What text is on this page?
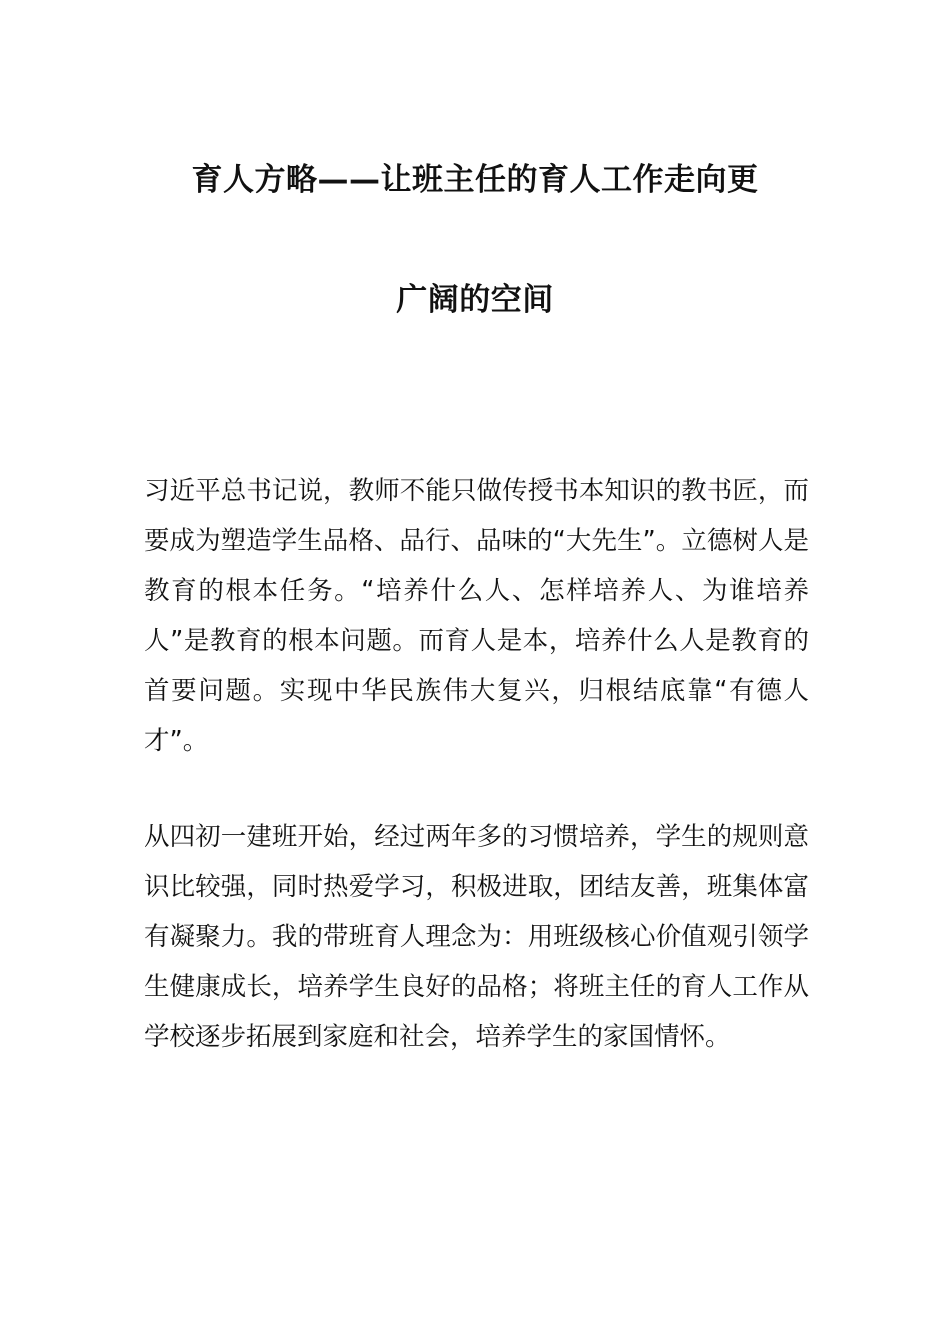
育人方略——让班主任的育人工作走向更
广阔的空间

习近平总书记说，教师不能只做传授书本知识的教书匠，而要成为塑造学生品格、品行、品味的“大先生”。立德树人是教育的根本任务。“培养什么人、怎样培养人、为谁培养人”是教育的根本问题。而育人是本，培养什么人是教育的首要问题。实现中华民族伟大复兴，归根结底靠“有德人才”。

从四初一建班开始，经过两年多的习惯培养，学生的规则意识比较强，同时热爱学习，积极进取，团结友善，班集体富有凝聚力。我的带班育人理念为：用班级核心价值观引领学生健康成长，培养学生良好的品格；将班主任的育人工作从学校逐步拓展到家庭和社会，培养学生的家国情怀。
